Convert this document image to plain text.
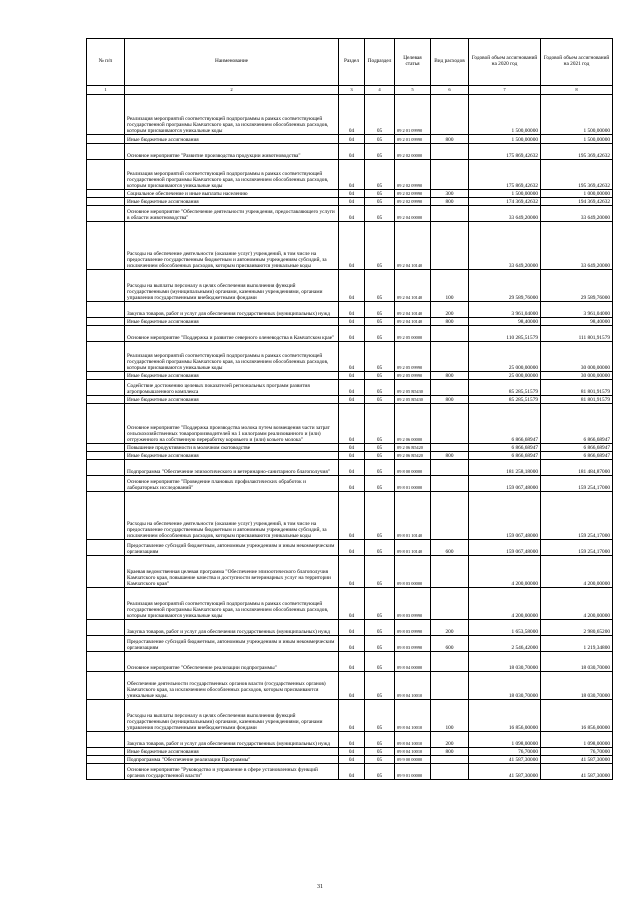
№ п/п	Наименование	Раздел	Подраздел	Целевая статья	Вид расходов	Годовой объем ассигнований на 2020 год	Годовой объем ассигнований на 2021 год
1	2	3	4	5	6	7	8
	Реализация мероприятий соответствующей подпрограммы в рамках соответствующей государственной программы Камчатского края, за исключением обособленных расходов, которым присваиваются уникальные коды	04	05	09 2 01 09990		1 500,00000	1 500,00000
	Иные бюджетные ассигнования	04	05	09 2 01 09990	800	1 500,00000	1 500,00000
	Основное мероприятие "Развитие производства продукции животноводства"	04	05	09 2 02 00000		175 869,42632	195 369,42632
	Реализация мероприятий соответствующей подпрограммы в рамках соответствующей государственной программы Камчатского края, за исключением обособленных расходов, которым присваиваются уникальные коды	04	05	09 2 02 09990		175 869,42632	195 369,42632
	Социальное обеспечение и иные выплаты населению	04	05	09 2 02 09990	300	1 500,00000	1 000,00000
	Иные бюджетные ассигнования	04	05	09 2 02 09990	800	174 369,42632	194 369,42632
	Основное мероприятие "Обеспечение деятельности учреждения, предоставляющего услуги в области животноводства"	04	05	09 2 04 00000		33 649,20000	33 649,20000
	Расходы на обеспечение деятельности (оказание услуг) учреждений, в том числе на предоставление государственным бюджетным и автономным учреждениям субсидий, за исключением обособленных расходов, которым присваиваются уникальные коды	04	05	09 2 04 10140		33 649,20000	33 649,20000
	Расходы на выплаты персоналу в целях обеспечения выполнения функций государственными (муниципальными) органами, казенными учреждениями, органами управления государственными внебюджетными фондами	04	05	09 2 04 10140	100	29 589,76000	29 589,76000
	Закупка товаров, работ и услуг для обеспечения государственных (муниципальных) нужд	04	05	09 2 04 10140	200	3 961,04000	3 961,04000
	Иные бюджетные ассигнования	04	05	09 2 04 10140	800	98,40000	98,40000
	Основное мероприятие "Поддержка и развитие северного оленеводства в Камчатском крае"	04	05	09 2 05 00000		110 285,51579	111 801,91579
	Реализация мероприятий соответствующей подпрограммы в рамках соответствующей государственной программы Камчатского края, за исключением обособленных расходов, которым присваиваются уникальные коды	04	05	09 2 05 09990		25 000,00000	30 000,00000
	Иные бюджетные ассигнования	04	05	09 2 05 09990	800	25 000,00000	30 000,00000
	Содействие достижению целевых показателей региональных программ развития агропромышленного комплекса	04	05	09 2 05 R5430		85 285,51579	81 801,91579
	Иные бюджетные ассигнования	04	05	09 2 05 R5430	800	85 285,51579	81 801,91579
	Основное мероприятие "Поддержка производства молока путем возмещения части затрат сельскохозяйственных товаропроизводителей на 1 килограмм реализованного и (или) отгруженного на собственную переработку коровьего и (или) козьего молока"	04	05	09 2 06 00000		6 866,68947	6 866,68947
	Повышение продуктивности в молочном скотоводстве	04	05	09 2 06 R5420		6 866,68947	6 866,68947
	Иные бюджетные ассигнования	04	05	09 2 06 R5420	800	6 866,68947	6 866,68947
	Подпрограмма "Обеспечение эпизоотического и ветеринарно-санитарного благополучия"	04	05	09 8 00 00000		181 258,18000	181 484,87000
	Основное мероприятие "Проведение плановых профилактических обработок и лабораторных исследований"	04	05	09 8 01 00000		159 067,48000	159 254,17000
	Расходы на обеспечение деятельности (оказание услуг) учреждений, в том числе на предоставление государственным бюджетным и автономным учреждениям субсидий, за исключением обособленных расходов, которым присваиваются уникальные коды	04	05	09 8 01 10140		159 067,48000	159 254,17000
	Предоставление субсидий бюджетным, автономным учреждениям и иным некоммерческим организациям	04	05	09 8 01 10140	600	159 067,48000	159 254,17000
	Краевая ведомственная целевая программа "Обеспечение эпизоотического благополучия Камчатского края, повышение качества и доступности ветеринарных услуг на территории Камчатского края"	04	05	09 8 03 00000		4 200,00000	4 200,00000
	Реализация мероприятий соответствующей подпрограммы в рамках соответствующей государственной программы Камчатского края, за исключением обособленных расходов, которым присваиваются уникальные коды	04	05	09 8 03 09990		4 200,00000	4 200,00000
	Закупка товаров, работ и услуг для обеспечения государственных (муниципальных) нужд	04	05	09 8 03 09990	200	1 653,58000	2 980,65200
	Предоставление субсидий бюджетным, автономным учреждениям и иным некоммерческим организациям	04	05	09 8 03 09990	600	2 546,42000	1 219,34800
	Основное мероприятие "Обеспечение реализации подпрограммы"	04	05	09 8 04 00000		18 030,70000	18 030,70000
	Обеспечение деятельности государственных органов власти (государственных органов) Камчатского края, за исключением обособленных расходов, которым присваиваются уникальные коды.	04	05	09 8 04 10010		18 030,70000	18 030,70000
	Расходы на выплаты персоналу в целях обеспечения выполнения функций государственными (муниципальными) органами, казенными учреждениями, органами управления государственными внебюджетными фондами	04	05	09 8 04 10010	100	16 856,00000	16 856,00000
	Закупка товаров, работ и услуг для обеспечения государственных (муниципальных) нужд	04	05	09 8 04 10010	200	1 098,00000	1 098,00000
	Иные бюджетные ассигнования	04	05	09 8 04 10010	800	76,70000	76,70000
	Подпрограмма "Обеспечение реализации Программы"	04	05	09 9 00 00000		41 587,30000	41 587,30000
	Основное мероприятие "Руководство и управление в сфере установленных функций органов государственной власти"	04	05	09 9 01 00000		41 587,30000	41 587,30000
31
